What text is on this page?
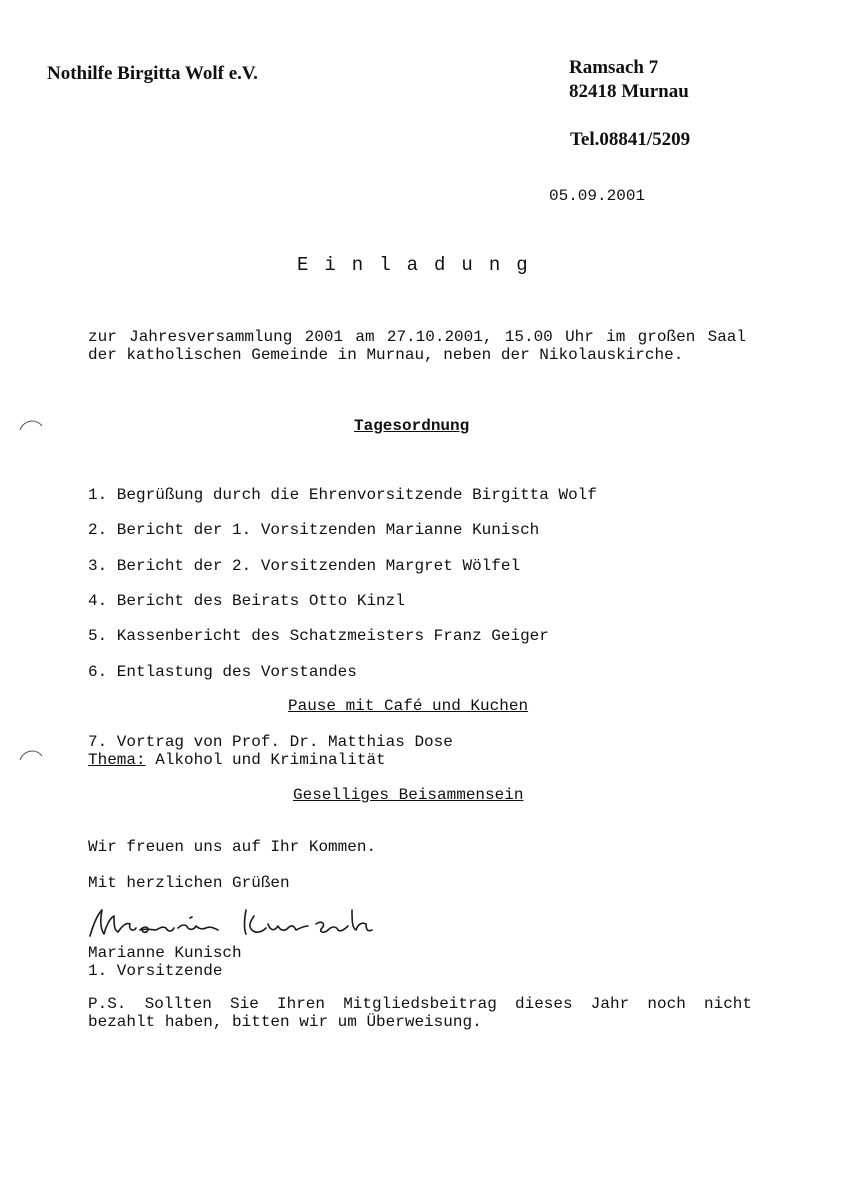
Nothilfe Birgitta Wolf e.V.	Ramsach 7

82418 Murnau

Tel.08841/5209

05.09.2001

Einladung

zur Jahresversammlung 2001 am 27.10.2001, 15.00 Uhr im großen Saal der katholischen Gemeinde in Murnau, neben der Nikolauskirche.

Tagesordnung

1. Begrüßung durch die Ehrenvorsitzende Birgitta Wolf

2. Bericht der 1. Vorsitzenden Marianne Kunisch

3. Bericht der 2. Vorsitzenden Margret Wölfel

4. Bericht des Beirats Otto Kinzl

5. Kassenbericht des Schatzmeisters Franz Geiger

6. Entlastung des Vorstandes

Pause mit Café und Kuchen

7. Vortrag von Prof. Dr. Matthias Dose

Thema: Alkohol und Kriminalität

Geselliges Beisammensein

Wir freuen uns auf Ihr Kommen.

Mit herzlichen Grüßen

Marianne Kunisch

1. Vorsitzende

P.S. Sollten Sie Ihren Mitgliedsbeitrag dieses Jahr noch nicht bezahlt haben, bitten wir um Überweisung.
